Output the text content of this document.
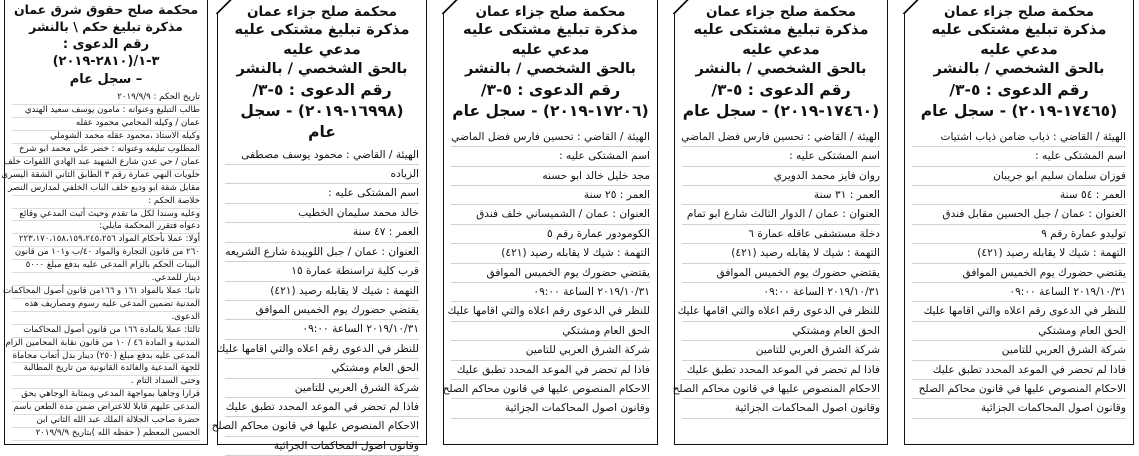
محكمة صلح حقوق شرق عمان
مذكرة تبليغ حكم \ بالنشر
رقم الدعوى : ٣-١/(٢٨١٠-٢٠١٩)
– سجل عام

تاريخ الحكم : ٢٠١٩/٩/٩

طالب التبليغ وعنوانه : مامون يوسف سعيد الهندي

عمان / وكيله المحامي محمود عقله

وكيله الاستاذ ،محمود عقله محمد الشوملي

المطلوب تبليغه وعنوانه : خضر علي محمد ابو شرخ

عمان / حي عدن شارع الشهيد عبد الهادي اللفوات خلف

حلويات البهي عمارة رقم ٣ الطابق الثاني الشقة اليسرى

مقابل شقة ابو وديع خلف الباب الخلفي لمدارس النصر

خلاصة الحكم :

وعليه وسندا لكل ما تقدم وحيث أثبت المدعي وقائع

دعواه فتقرر المحكمة مايلي:

أولا: عملا بأحكام المواد ٢٢٣،١٧٠،١٥٨،١٥٩،٢٤٥،٢٥٦

٢٦٠ من قانون التجارة والمواد ٤٠/ب و١٠١ من قانون

البينات الحكم بالزام المدعى عليه بدفع مبلغ ٥٠٠٠

دينار للمدعي.

ثانيا: عملا بالمواد ١٦١ و ١٦٦من قانون أصول المحاكمات

المدنية تضمين المدعى عليه رسوم ومصاريف هذه

الدعوى.

ثالثا: عملا بالمادة ١٦٦ من قانون أصول المحاكمات

المدنية و المادة ٤٦ / ١٠ من قانون نقابة المحامين الزام

المدعى عليه بدفع مبلغ (٢٥٠) دينار بدل أتعاب محاماة

للجهة المدعية والفائدة القانونية من تاريخ المطالبة

وحتى السداد التام .

قرارا وجاهيا بمواجهة المدعي وبمثابة الوجاهي بحق

المدعى عليهم قابلا للاعتراض ضمن مدة الطعن باسم

حضرة صاحب الجلالة الملك عبد الله الثاني ابن

الحسين المعظم ( حفظه الله )بتاريخ ٢٠١٩/٩/٩

محكمة صلح جزاء عمان
مذكرة تبليغ مشتكى عليه مدعي عليه
بالحق الشخصي / بالنشر
رقم الدعوى : ٥-٣/
(١٦٩٩٨-٢٠١٩) - سجل عام

الهيئة / القاضي : محمود يوسف مصطفى

الزياده

اسم المشتكى عليه :

خالد محمد سليمان الخطيب

العمر : ٤٧ سنة

العنوان : عمان / جبل اللويبدة شارع الشريعه

قرب كلية تراسنطة عمارة ١٥

التهمة : شيك لا يقابله رصيد (٤٢١)

يقتضي حضورك يوم الخميس الموافق

٢٠١٩/١٠/٣١ الساعة ٠٩:٠٠

للنظر في الدعوى رقم اعلاه والتي اقامها عليك

الحق العام ومشتكي

شركة الشرق العربي للتامين

فاذا لم تحضر في الموعد المحدد تطبق عليك

الاحكام المنصوص عليها في قانون محاكم الصلح

وقانون اصول المحاكمات الجزائية

محكمة صلح جزاء عمان
مذكرة تبليغ مشتكى عليه مدعي عليه
بالحق الشخصي / بالنشر
رقم الدعوى : ٥-٣/
(١٧٢٠٦-٢٠١٩) - سجل عام

الهيئة / القاضي : تحسين فارس فضل الماضي

اسم المشتكى عليه :

مجد خليل خالد ابو حسنه

العمر : ٢٥ سنة

العنوان : عمان / الشميساني خلف فندق

الكومودور عمارة رقم ٥

التهمة : شيك لا يقابله رصيد (٤٢١)

يقتضي حضورك يوم الخميس الموافق

٢٠١٩/١٠/٣١ الساعة ٠٩:٠٠

للنظر في الدعوى رقم اعلاه والتي اقامها عليك

الحق العام ومشتكي

شركة الشرق العربي للتامين

فاذا لم تحضر في الموعد المحدد تطبق عليك

الاحكام المنصوص عليها في قانون محاكم الصلح

وقانون اصول المحاكمات الجزائية

محكمة صلح جزاء عمان
مذكرة تبليغ مشتكى عليه مدعي عليه
بالحق الشخصي / بالنشر
رقم الدعوى : ٥-٣/
(١٧٤٦٠-٢٠١٩) - سجل عام

الهيئة / القاضي : تحسين فارس فضل الماضي

اسم المشتكى عليه :

روان فايز محمد الدويري

العمر : ٣١ سنة

العنوان : عمان / الدوار الثالث شارع ابو تمام

دخلة مستشفى عاقله عمارة ٦

التهمة : شيك لا يقابله رصيد (٤٢١)

يقتضي حضورك يوم الخميس الموافق

٢٠١٩/١٠/٣١ الساعة ٠٩:٠٠

للنظر في الدعوى رقم اعلاه والتي اقامها عليك

الحق العام ومشتكي

شركة الشرق العربي للتامين

فاذا لم تحضر في الموعد المحدد تطبق عليك

الاحكام المنصوص عليها في قانون محاكم الصلح

وقانون اصول المحاكمات الجزائية

محكمة صلح جزاء عمان
مذكرة تبليغ مشتكى عليه مدعي عليه
بالحق الشخصي / بالنشر
رقم الدعوى : ٥-٣/
(١٧٤٦٥-٢٠١٩) - سجل عام

الهيئة / القاضي : ذياب ضامن ذياب اشتيات

اسم المشتكى عليه :

فوزان سلمان سليم ابو جريبان

العمر : ٥٤ سنة

العنوان : عمان / جبل الحسين مقابل فندق

توليدو عمارة رقم ٩

التهمة : شيك لا يقابله رصيد (٤٢١)

يقتضي حضورك يوم الخميس الموافق

٢٠١٩/١٠/٣١ الساعة ٠٩:٠٠

للنظر في الدعوى رقم اعلاه والتي اقامها عليك

الحق العام ومشتكي

شركة الشرق العربي للتامين

فاذا لم تحضر في الموعد المحدد تطبق عليك

الاحكام المنصوص عليها في قانون محاكم الصلح

وقانون اصول المحاكمات الجزائية
